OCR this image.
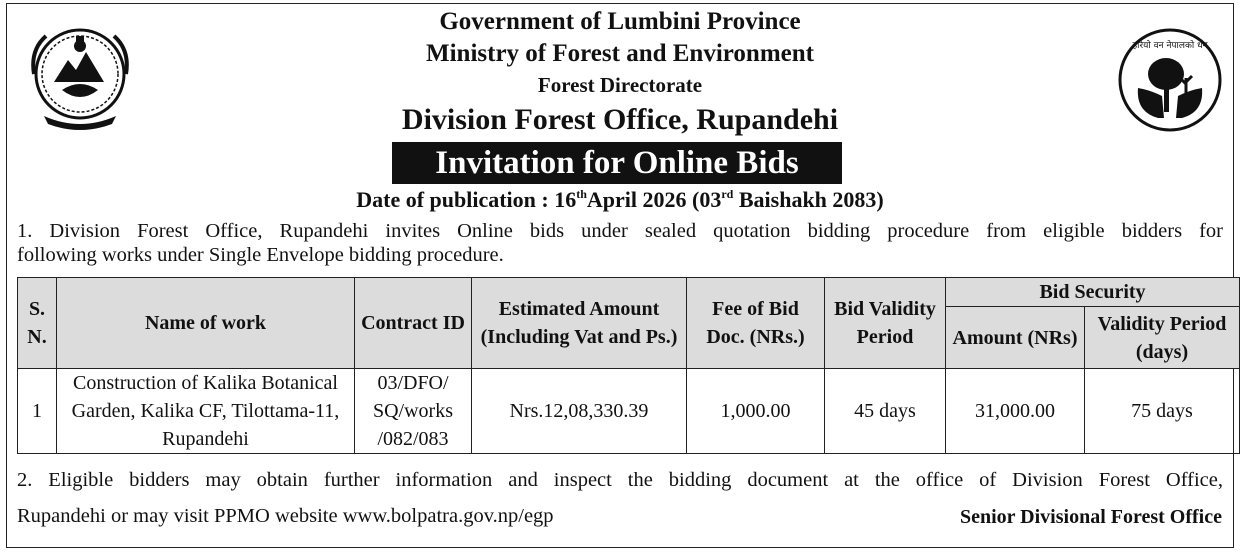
हरियो वन नेपालको धन
Government of Lumbini Province
Ministry of Forest and Environment
Forest Directorate
Division Forest Office, Rupandehi
Invitation for Online Bids
Date of publication : 16thApril 2026 (03rd Baishakh 2083)
1. Division Forest Office, Rupandehi invites Online bids under sealed quotation bidding procedure from eligible bidders for
following works under Single Envelope bidding procedure.
S. N.	Name of work	Contract ID	Estimated Amount (Including Vat and Ps.)	Fee of Bid Doc. (NRs.)	Bid Validity Period	Bid Security	
						Amount (NRs)	Validity Period (days)
1	Construction of Kalika Botanical Garden, Kalika CF, Tilottama-11, Rupandehi	03/DFO/ SQ/works /082/083	Nrs.12,08,330.39	1,000.00	45 days	31,000.00	75 days
2. Eligible bidders may obtain further information and inspect the bidding document at the office of Division Forest Office,
Rupandehi or may visit PPMO website www.bolpatra.gov.np/egp	Senior Divisional Forest Office
